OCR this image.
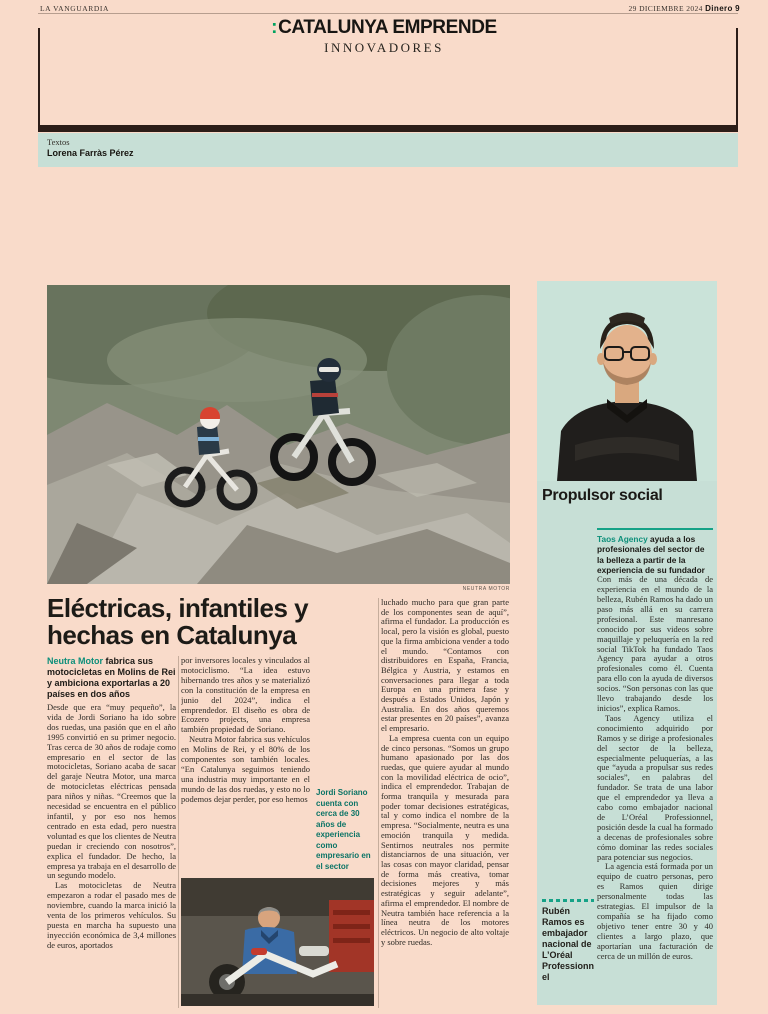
LA VANGUARDIA	29 DICIEMBRE 2024 Dinero 9
:CATALUNYA EMPRENDE
INNOVADORES
Textos
Lorena Farràs Pérez
NEUTRA MOTOR
Eléctricas, infantiles y hechas en Catalunya

Neutra Motor fabrica sus motocicletas en Molins de Rei y ambiciona exportarlas a 20 países en dos años

Desde que era “muy pequeño”, la vida de Jordi Soriano ha ido sobre dos ruedas, una pasión que en el año 1995 convirtió en su primer negocio. Tras cerca de 30 años de rodaje como empresario en el sector de las motocicletas, Soriano acaba de sacar del garaje Neutra Motor, una marca de motocicletas eléctricas pensada para niños y niñas. “Creemos que la necesidad se encuentra en el público infantil, y por eso nos hemos centrado en esta edad, pero nuestra voluntad es que los clientes de Neutra puedan ir creciendo con nosotros”, explica el fundador. De hecho, la empresa ya trabaja en el desarrollo de un segundo modelo.

Las motocicletas de Neutra empezaron a rodar el pasado mes de noviembre, cuando la marca inició la venta de los primeros vehículos. Su puesta en marcha ha supuesto una inyección económica de 3,4 millones de euros, aportados

por inversores locales y vinculados al motociclismo. “La idea estuvo hibernando tres años y se materializó con la constitución de la empresa en junio del 2024”, indica el emprendedor. El diseño es obra de Ecozero projects, una empresa también propiedad de Soriano.

Neutra Motor fabrica sus vehículos en Molins de Rei, y el 80% de los componentes son también locales. “En Catalunya seguimos teniendo una industria muy importante en el mundo de las dos ruedas, y esto no lo podemos dejar perder, por eso hemos

Jordi Soriano cuenta con cerca de 30 años de experiencia como empresario en el sector

luchado mucho para que gran parte de los componentes sean de aquí”, afirma el fundador. La producción es local, pero la visión es global, puesto que la firma ambiciona vender a todo el mundo. “Contamos con distribuidores en España, Francia, Bélgica y Austria, y estamos en conversaciones para llegar a toda Europa en una primera fase y después a Estados Unidos, Japón y Australia. En dos años queremos estar presentes en 20 países”, avanza el empresario.

La empresa cuenta con un equipo de cinco personas. “Somos un grupo humano apasionado por las dos ruedas, que quiere ayudar al mundo con la movilidad eléctrica de ocio”, indica el emprendedor. Trabajan de forma tranquila y mesurada para poder tomar decisiones estratégicas, tal y como indica el nombre de la empresa. “Socialmente, neutra es una emoción tranquila y medida. Sentirnos neutrales nos permite distanciarnos de una situación, ver las cosas con mayor claridad, pensar de forma más creativa, tomar decisiones mejores y más estratégicas y seguir adelante”, afirma el emprendedor. El nombre de Neutra también hace referencia a la línea neutra de los motores eléctricos. Un negocio de alto voltaje y sobre ruedas.

Propulsor social

Taos Agency ayuda a los profesionales del sector de la belleza a partir de la experiencia de su fundador

Con más de una década de experiencia en el mundo de la belleza, Rubén Ramos ha dado un paso más allá en su carrera profesional. Este manresano conocido por sus videos sobre maquillaje y peluquería en la red social TikTok ha fundado Taos Agency para ayudar a otros profesionales como él. Cuenta para ello con la ayuda de diversos socios. “Son personas con las que llevo trabajando desde los inicios”, explica Ramos.

Taos Agency utiliza el conocimiento adquirido por Ramos y se dirige a profesionales del sector de la belleza, especialmente peluquerías, a las que “ayuda a propulsar sus redes sociales”, en palabras del fundador. Se trata de una labor que el emprendedor ya lleva a cabo como embajador nacional de L’Oréal Professionnel, posición desde la cual ha formado a decenas de profesionales sobre cómo dominar las redes sociales para potenciar sus negocios.

La agencia está formada por un equipo de cuatro personas, pero es Ramos quien dirige personalmente todas las estrategias. El impulsor de la compañía se ha fijado como objetivo tener entre 30 y 40 clientes a largo plazo, que aportarían una facturación de cerca de un millón de euros.

Rubén Ramos es embajador nacional de L’Oréal Professionnel
